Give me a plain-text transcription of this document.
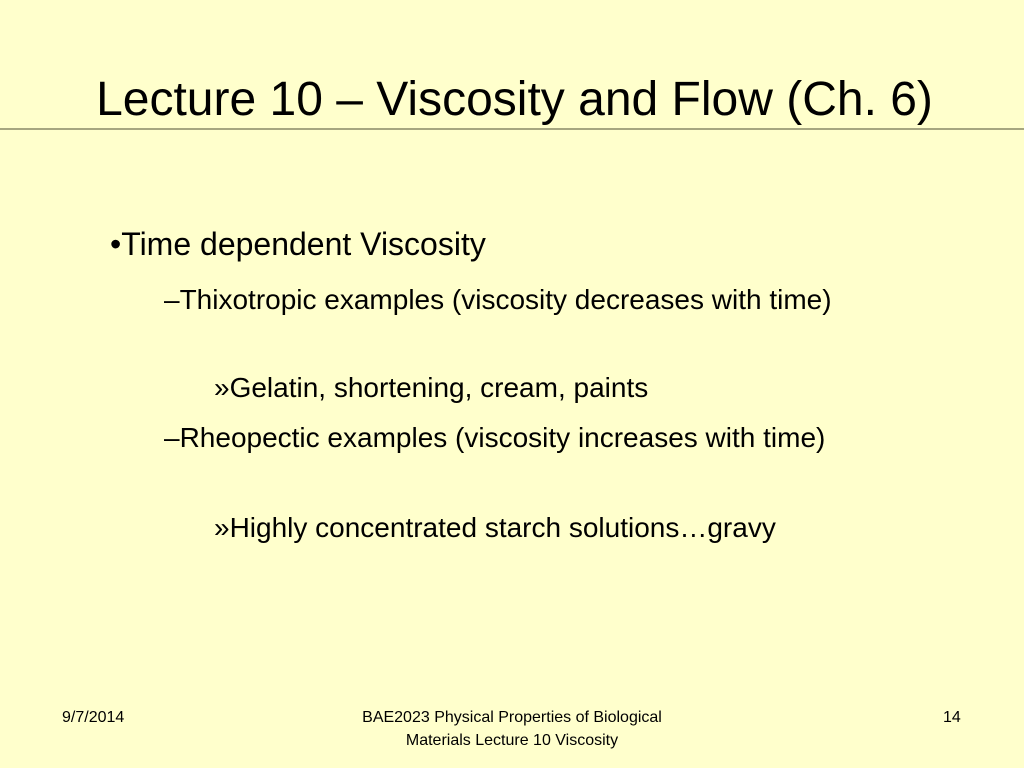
Lecture 10 – Viscosity and Flow (Ch. 6)
•Time dependent Viscosity
–Thixotropic examples (viscosity decreases with time)
»Gelatin, shortening, cream, paints
–Rheopectic examples (viscosity increases with time)
»Highly concentrated starch solutions…gravy
9/7/2014	BAE2023 Physical Properties of Biological Materials Lecture 10 Viscosity
14
